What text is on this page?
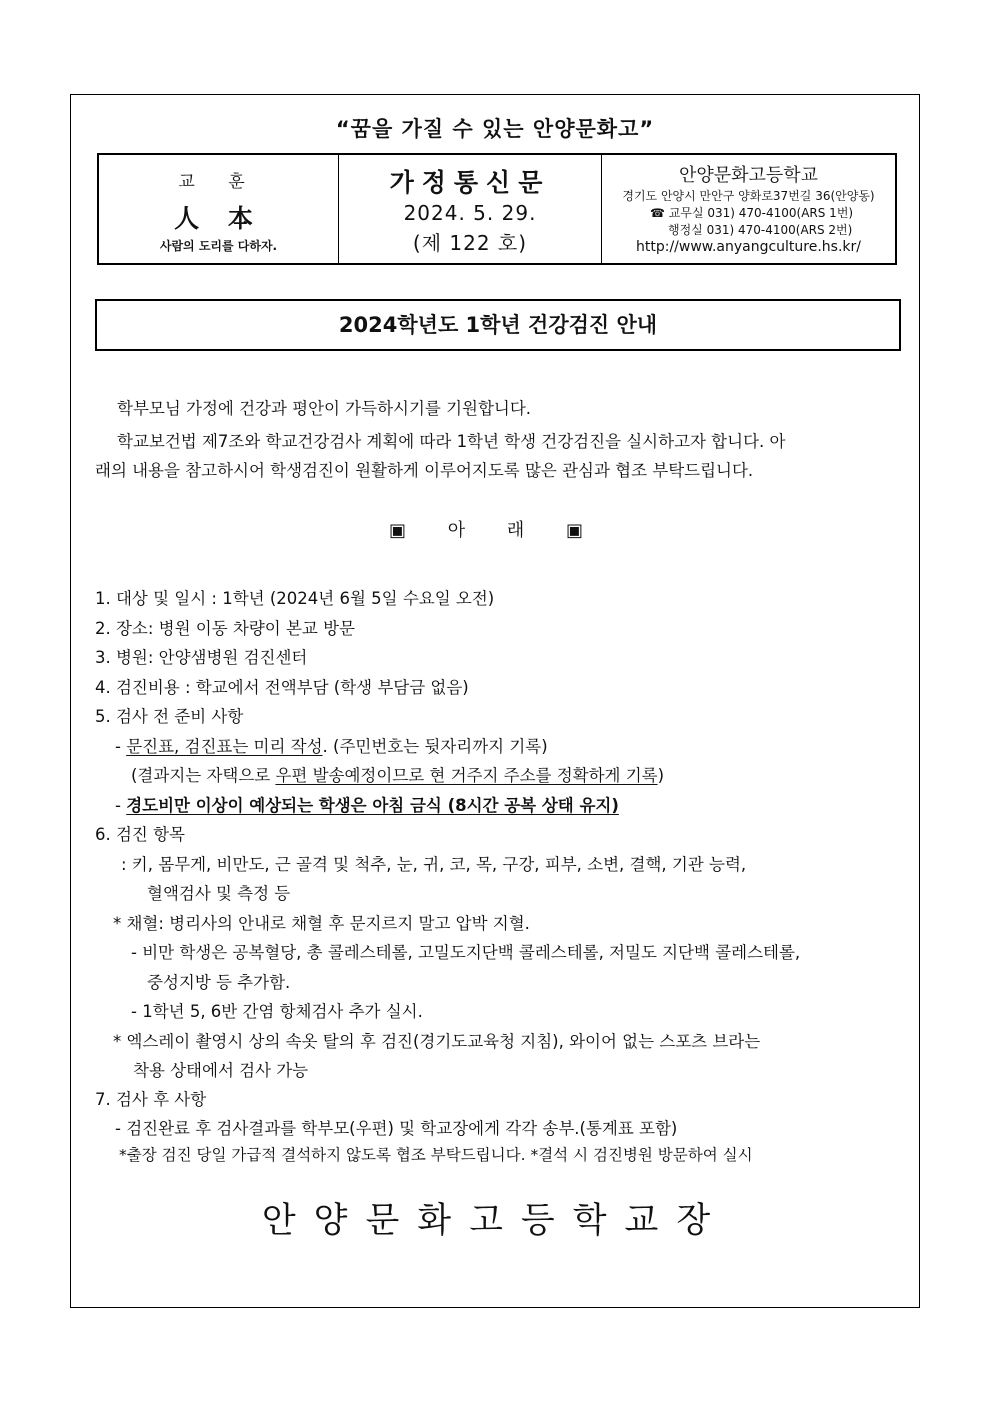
“꿈을 가질 수 있는 안양문화고”
교 훈
人 本
사람의 도리를 다하자.
가정통신문
2024. 5. 29.
(제 122 호)
안양문화고등학교
경기도 안양시 만안구 양화로37번길 36(안양동)
☎ 교무실 031) 470-4100(ARS 1번)
행정실 031) 470-4100(ARS 2번)
http://www.anyangculture.hs.kr/
2024학년도 1학년 건강검진 안내
학부모님 가정에 건강과 평안이 가득하시기를 기원합니다.
학교보건법 제7조와 학교건강검사 계획에 따라 1학년 학생 건강검진을 실시하고자 합니다. 아
래의 내용을 참고하시어 학생검진이 원활하게 이루어지도록 많은 관심과 협조 부탁드립니다.
▣ 아 래 ▣
1. 대상 및 일시 : 1학년 (2024년 6월 5일 수요일 오전)
2. 장소: 병원 이동 차량이 본교 방문
3. 병원: 안양샘병원 검진센터
4. 검진비용 : 학교에서 전액부담 (학생 부담금 없음)
5. 검사 전 준비 사항
- 문진표, 검진표는 미리 작성. (주민번호는 뒷자리까지 기록)
(결과지는 자택으로 우편 발송예정이므로 현 거주지 주소를 정확하게 기록)
- 경도비만 이상이 예상되는 학생은 아침 금식 (8시간 공복 상태 유지)
6. 검진 항목
: 키, 몸무게, 비만도, 근 골격 및 척추, 눈, 귀, 코, 목, 구강, 피부, 소변, 결핵, 기관 능력,
혈액검사 및 측정 등
* 채혈: 병리사의 안내로 채혈 후 문지르지 말고 압박 지혈.
- 비만 학생은 공복혈당, 총 콜레스테롤, 고밀도지단백 콜레스테롤, 저밀도 지단백 콜레스테롤,
중성지방 등 추가함.
- 1학년 5, 6반 간염 항체검사 추가 실시.
* 엑스레이 촬영시 상의 속옷 탈의 후 검진(경기도교육청 지침), 와이어 없는 스포츠 브라는
착용 상태에서 검사 가능
7. 검사 후 사항
- 검진완료 후 검사결과를 학부모(우편) 및 학교장에게 각각 송부.(통계표 포함)
*출장 검진 당일 가급적 결석하지 않도록 협조 부탁드립니다. *결석 시 검진병원 방문하여 실시
안양문화고등학교장
